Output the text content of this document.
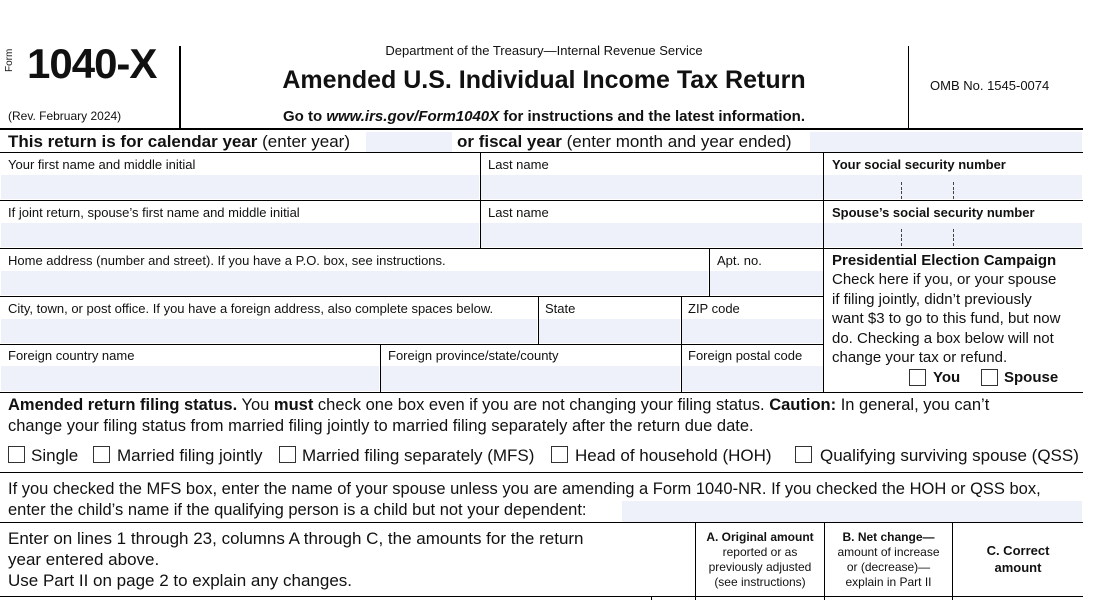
Form 1040-X
(Rev. February 2024)
Department of the Treasury—Internal Revenue Service
Amended U.S. Individual Income Tax Return
Go to www.irs.gov/Form1040X for instructions and the latest information.
OMB No. 1545-0074
This return is for calendar year (enter year)	or fiscal year (enter month and year ended)
Your first name and middle initial	Last name	Your social security number
If joint return, spouse’s first name and middle initial	Last name	Spouse’s social security number
Home address (number and street). If you have a P.O. box, see instructions.	Apt. no.
City, town, or post office. If you have a foreign address, also complete spaces below.	State	ZIP code
Foreign country name	Foreign province/state/county	Foreign postal code
Presidential Election Campaign
Check here if you, or your spouse
if filing jointly, didn’t previously
want $3 to go to this fund, but now
do. Checking a box below will not
change your tax or refund.
You	Spouse
Amended return filing status. You must check one box even if you are not changing your filing status. Caution: In general, you can’t
change your filing status from married filing jointly to married filing separately after the return due date.
Single Married filing jointly Married filing separately (MFS) Head of household (HOH)	Qualifying surviving spouse (QSS)
If you checked the MFS box, enter the name of your spouse unless you are amending a Form 1040-NR. If you checked the HOH or QSS box,
enter the child’s name if the qualifying person is a child but not your dependent:
Enter on lines 1 through 23, columns A through C, the amounts for the return
year entered above.
Use Part II on page 2 to explain any changes.
A. Original amount
reported or as
previously adjusted
(see instructions)
B. Net change—
amount of increase
or (decrease)—
explain in Part II
C. Correct
amount
